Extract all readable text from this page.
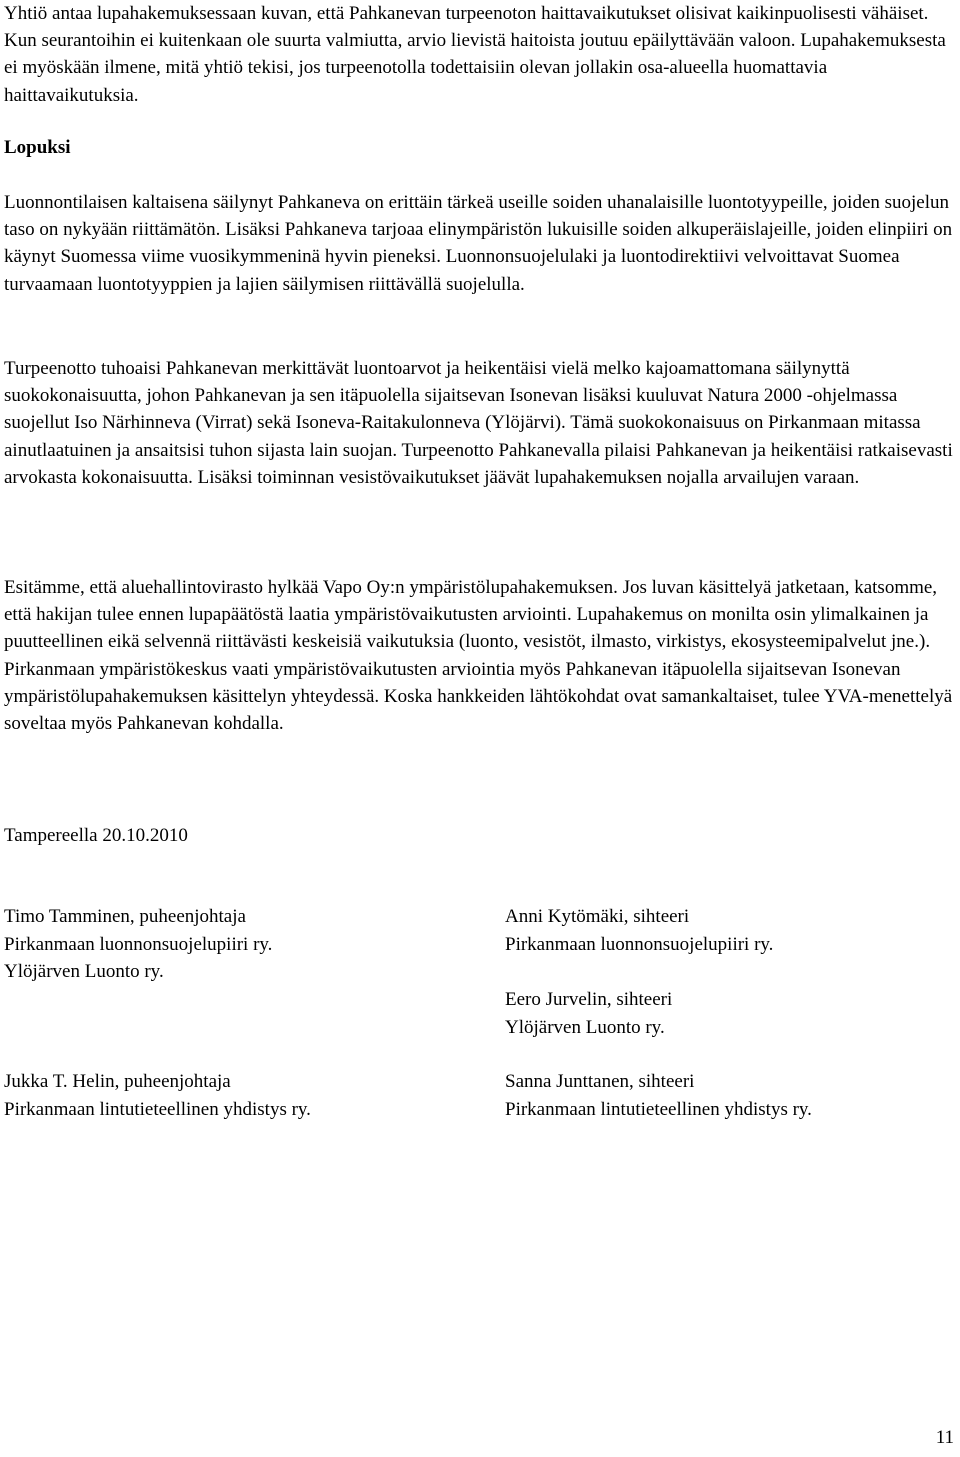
Yhtiö antaa lupahakemuksessaan kuvan, että Pahkanevan turpeenoton haittavaikutukset olisivat kaikinpuolisesti vähäiset. Kun seurantoihin ei kuitenkaan ole suurta valmiutta, arvio lievistä haitoista joutuu epäilyttävään valoon. Lupahakemuksesta ei myöskään ilmene, mitä yhtiö tekisi, jos turpeenotolla todettaisiin olevan jollakin osa-alueella huomattavia haittavaikutuksia.

Lopuksi

Luonnontilaisen kaltaisena säilynyt Pahkaneva on erittäin tärkeä useille soiden uhanalaisille luontotyypeille, joiden suojelun taso on nykyään riittämätön. Lisäksi Pahkaneva tarjoaa elinympäristön lukuisille soiden alkuperäislajeille, joiden elinpiiri on käynyt Suomessa viime vuosikymmeninä hyvin pieneksi. Luonnonsuojelulaki ja luontodirektiivi velvoittavat Suomea turvaamaan luontotyyppien ja lajien säilymisen riittävällä suojelulla.

Turpeenotto tuhoaisi Pahkanevan merkittävät luontoarvot ja heikentäisi vielä melko kajoamattomana säilynyttä suokokonaisuutta, johon Pahkanevan ja sen itäpuolella sijaitsevan Isonevan lisäksi kuuluvat Natura 2000 -ohjelmassa suojellut Iso Närhinneva (Virrat) sekä Isoneva-Raitakulonneva (Ylöjärvi). Tämä suokokonaisuus on Pirkanmaan mitassa ainutlaatuinen ja ansaitsisi tuhon sijasta lain suojan. Turpeenotto Pahkanevalla pilaisi Pahkanevan ja heikentäisi ratkaisevasti arvokasta kokonaisuutta. Lisäksi toiminnan vesistövaikutukset jäävät lupahakemuksen nojalla arvailujen varaan.

Esitämme, että aluehallintovirasto hylkää Vapo Oy:n ympäristölupahakemuksen. Jos luvan käsittelyä jatketaan, katsomme, että hakijan tulee ennen lupapäätöstä laatia ympäristövaikutusten arviointi. Lupahakemus on monilta osin ylimalkainen ja puutteellinen eikä selvennä riittävästi keskeisiä vaikutuksia (luonto, vesistöt, ilmasto, virkistys, ekosysteemipalvelut jne.). Pirkanmaan ympäristökeskus vaati ympäristövaikutusten arviointia myös Pahkanevan itäpuolella sijaitsevan Isonevan ympäristölupahakemuksen käsittelyn yhteydessä. Koska hankkeiden lähtökohdat ovat samankaltaiset, tulee YVA-menettelyä soveltaa myös Pahkanevan kohdalla.

Tampereella 20.10.2010

Timo Tamminen, puheenjohtaja
Pirkanmaan luonnonsuojelupiiri ry.
Ylöjärven Luonto ry.
Anni Kytömäki, sihteeri
Pirkanmaan luonnonsuojelupiiri ry.
Eero Jurvelin, sihteeri
Ylöjärven Luonto ry.
Jukka T. Helin, puheenjohtaja
Pirkanmaan lintutieteellinen yhdistys ry.
Sanna Junttanen, sihteeri
Pirkanmaan lintutieteellinen yhdistys ry.
11
